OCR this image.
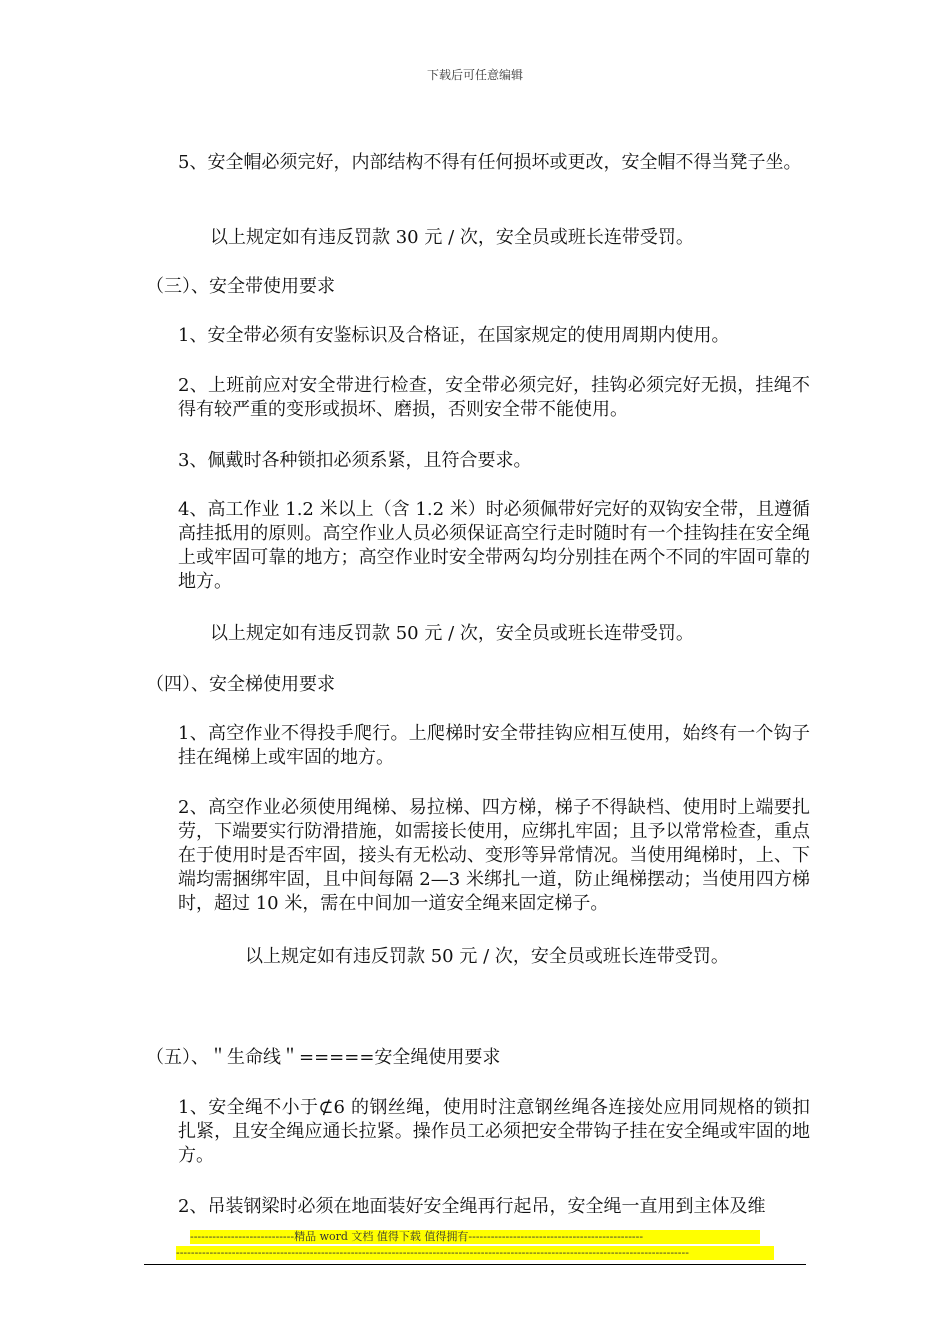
下载后可任意编辑

5、安全帽必须完好，内部结构不得有任何损坏或更改，安全帽不得当凳子坐。

以上规定如有违反罚款 30 元 / 次，安全员或班长连带受罚。

（三）、安全带使用要求

1、安全带必须有安鉴标识及合格证，在国家规定的使用周期内使用。

2、上班前应对安全带进行检查，安全带必须完好，挂钩必须完好无损，挂绳不得有较严重的变形或损坏、磨损，否则安全带不能使用。

3、佩戴时各种锁扣必须系紧，且符合要求。

4、高工作业 1.2 米以上（含 1.2 米）时必须佩带好完好的双钩安全带，且遵循高挂抵用的原则。高空作业人员必须保证高空行走时随时有一个挂钩挂在安全绳上或牢固可靠的地方；高空作业时安全带两勾均分别挂在两个不同的牢固可靠的地方。

以上规定如有违反罚款 50 元 / 次，安全员或班长连带受罚。

（四）、安全梯使用要求

1、高空作业不得投手爬行。上爬梯时安全带挂钩应相互使用，始终有一个钩子挂在绳梯上或牢固的地方。

2、高空作业必须使用绳梯、易拉梯、四方梯，梯子不得缺档、使用时上端要扎劳，下端要实行防滑措施，如需接长使用，应绑扎牢固；且予以常常检查，重点在于使用时是否牢固，接头有无松动、变形等异常情况。当使用绳梯时，上、下端均需捆绑牢固，且中间每隔 2—3 米绑扎一道，防止绳梯摆动；当使用四方梯时，超过 10 米，需在中间加一道安全绳来固定梯子。

以上规定如有违反罚款 50 元 / 次，安全员或班长连带受罚。

（五）、＂生命线＂=====安全绳使用要求

1、安全绳不小于⊄6 的钢丝绳，使用时注意钢丝绳各连接处应用同规格的锁扣扎紧，且安全绳应通长拉紧。操作员工必须把安全带钩子挂在安全绳或牢固的地方。

2、吊装钢梁时必须在地面装好安全绳再行起吊，安全绳一直用到主体及维

----------------------------精品 word 文档 值得下载 值得拥有-----------------------------------------------
------------------------------------------------------------------------------------------------------------------------------------------
